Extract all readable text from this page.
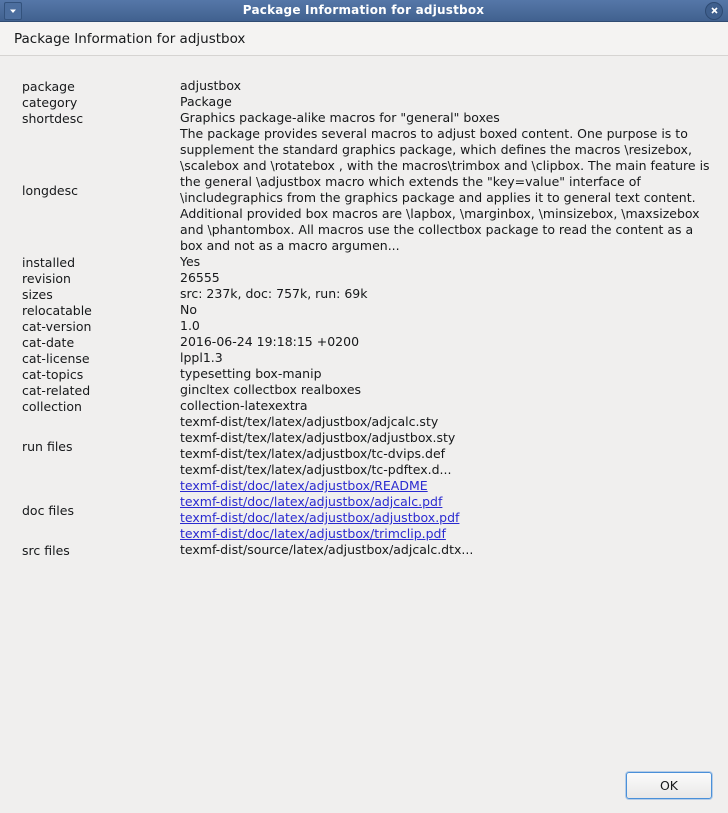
Package Information for adjustbox
Package Information for adjustbox
package	adjustbox
category	Package
shortdesc	Graphics package-alike macros for "general" boxes
longdesc	The package provides several macros to adjust boxed content. One purpose is to supplement the standard graphics package, which defines the macros \resizebox, \scalebox and \rotatebox , with the macros\trimbox and \clipbox. The main feature is the general \adjustbox macro which extends the "key=value" interface of \includegraphics from the graphics package and applies it to general text content. Additional provided box macros are \lapbox, \marginbox, \minsizebox, \maxsizebox and \phantombox. All macros use the collectbox package to read the content as a box and not as a macro argumen...
installed	Yes
revision	26555
sizes	src: 237k, doc: 757k, run: 69k
relocatable	No
cat-version	1.0
cat-date	2016-06-24 19:18:15 +0200
cat-license	lppl1.3
cat-topics	typesetting box-manip
cat-related	gincltex collectbox realboxes
collection	collection-latexextra
run files	texmf-dist/tex/latex/adjustbox/adjcalc.sty
texmf-dist/tex/latex/adjustbox/adjustbox.sty
texmf-dist/tex/latex/adjustbox/tc-dvips.def
texmf-dist/tex/latex/adjustbox/tc-pdftex.d...

doc files	texmf-dist/doc/latex/adjustbox/README
texmf-dist/doc/latex/adjustbox/adjcalc.pdf
texmf-dist/doc/latex/adjustbox/adjustbox.pdf
texmf-dist/doc/latex/adjustbox/trimclip.pdf

src files	texmf-dist/source/latex/adjustbox/adjcalc.dtx...
OK
